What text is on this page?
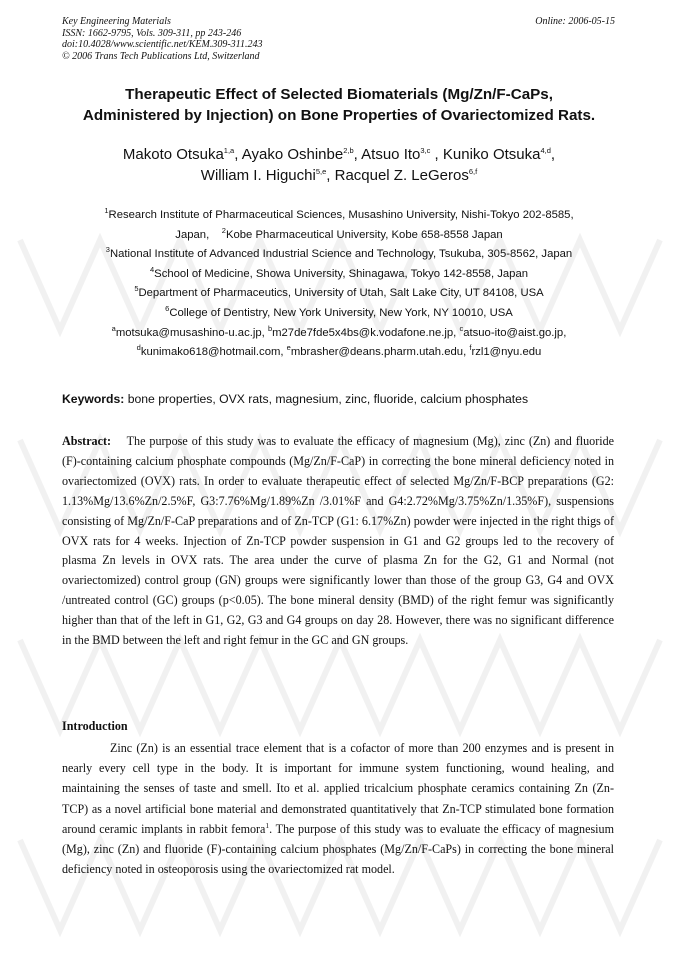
Key Engineering Materials
ISSN: 1662-9795, Vols. 309-311, pp 243-246
doi:10.4028/www.scientific.net/KEM.309-311.243
© 2006 Trans Tech Publications Ltd, Switzerland
Online: 2006-05-15
Therapeutic Effect of Selected Biomaterials (Mg/Zn/F-CaPs,
Administered by Injection) on Bone Properties of Ovariectomized Rats.
Makoto Otsuka$^{1,a}$, Ayako Oshinbe$^{2,b}$, Atsuo Ito$^{3,c}$ , Kuniko Otsuka$^{4,d}$,
William I. Higuchi$^{5,e}$, Racquel Z. LeGeros$^{6,f}$
$^1$Research Institute of Pharmaceutical Sciences, Musashino University, Nishi-Tokyo 202-8585,
Japan, $^2$Kobe Pharmaceutical University, Kobe 658-8558 Japan
$^3$National Institute of Advanced Industrial Science and Technology, Tsukuba, 305-8562, Japan
$^4$School of Medicine, Showa University, Shinagawa, Tokyo 142-8558, Japan
$^5$Department of Pharmaceutics, University of Utah, Salt Lake City, UT 84108, USA
$^6$College of Dentistry, New York University, New York, NY 10010, USA
$^a$motsuka@musashino-u.ac.jp, $^b$m27de7fde5x4bs@k.vodafone.ne.jp, $^c$atsuo-ito@aist.go.jp,
$^d$kunimako618@hotmail.com, $^e$mbrasher@deans.pharm.utah.edu, $^f$rzl1@nyu.edu
Keywords: bone properties, OVX rats, magnesium, zinc, fluoride, calcium phosphates
Abstract: The purpose of this study was to evaluate the efficacy of magnesium (Mg), zinc (Zn) and fluoride (F)-containing calcium phosphate compounds (Mg/Zn/F-CaP) in correcting the bone mineral deficiency noted in ovariectomized (OVX) rats. In order to evaluate therapeutic effect of selected Mg/Zn/F-BCP preparations (G2: 1.13%Mg/13.6%Zn/2.5%F, G3:7.76%Mg/1.89%Zn /3.01%F and G4:2.72%Mg/3.75%Zn/1.35%F), suspensions consisting of Mg/Zn/F-CaP preparations and of Zn-TCP (G1: 6.17%Zn) powder were injected in the right thigs of OVX rats for 4 weeks. Injection of Zn-TCP powder suspension in G1 and G2 groups led to the recovery of plasma Zn levels in OVX rats. The area under the curve of plasma Zn for the G2, G1 and Normal (not ovariectomized) control group (GN) groups were significantly lower than those of the group G3, G4 and OVX /untreated control (GC) groups (p<0.05). The bone mineral density (BMD) of the right femur was significantly higher than that of the left in G1, G2, G3 and G4 groups on day 28. However, there was no significant difference in the BMD between the left and right femur in the GC and GN groups.
Introduction
Zinc (Zn) is an essential trace element that is a cofactor of more than 200 enzymes and is present in nearly every cell type in the body. It is important for immune system functioning, wound healing, and maintaining the senses of taste and smell. Ito et al. applied tricalcium phosphate ceramics containing Zn (Zn-TCP) as a novel artificial bone material and demonstrated quantitatively that Zn-TCP stimulated bone formation around ceramic implants in rabbit femora$^1$. The purpose of this study was to evaluate the efficacy of magnesium (Mg), zinc (Zn) and fluoride (F)-containing calcium phosphates (Mg/Zn/F-CaPs) in correcting the bone mineral deficiency noted in osteoporosis using the ovariectomized rat model.
